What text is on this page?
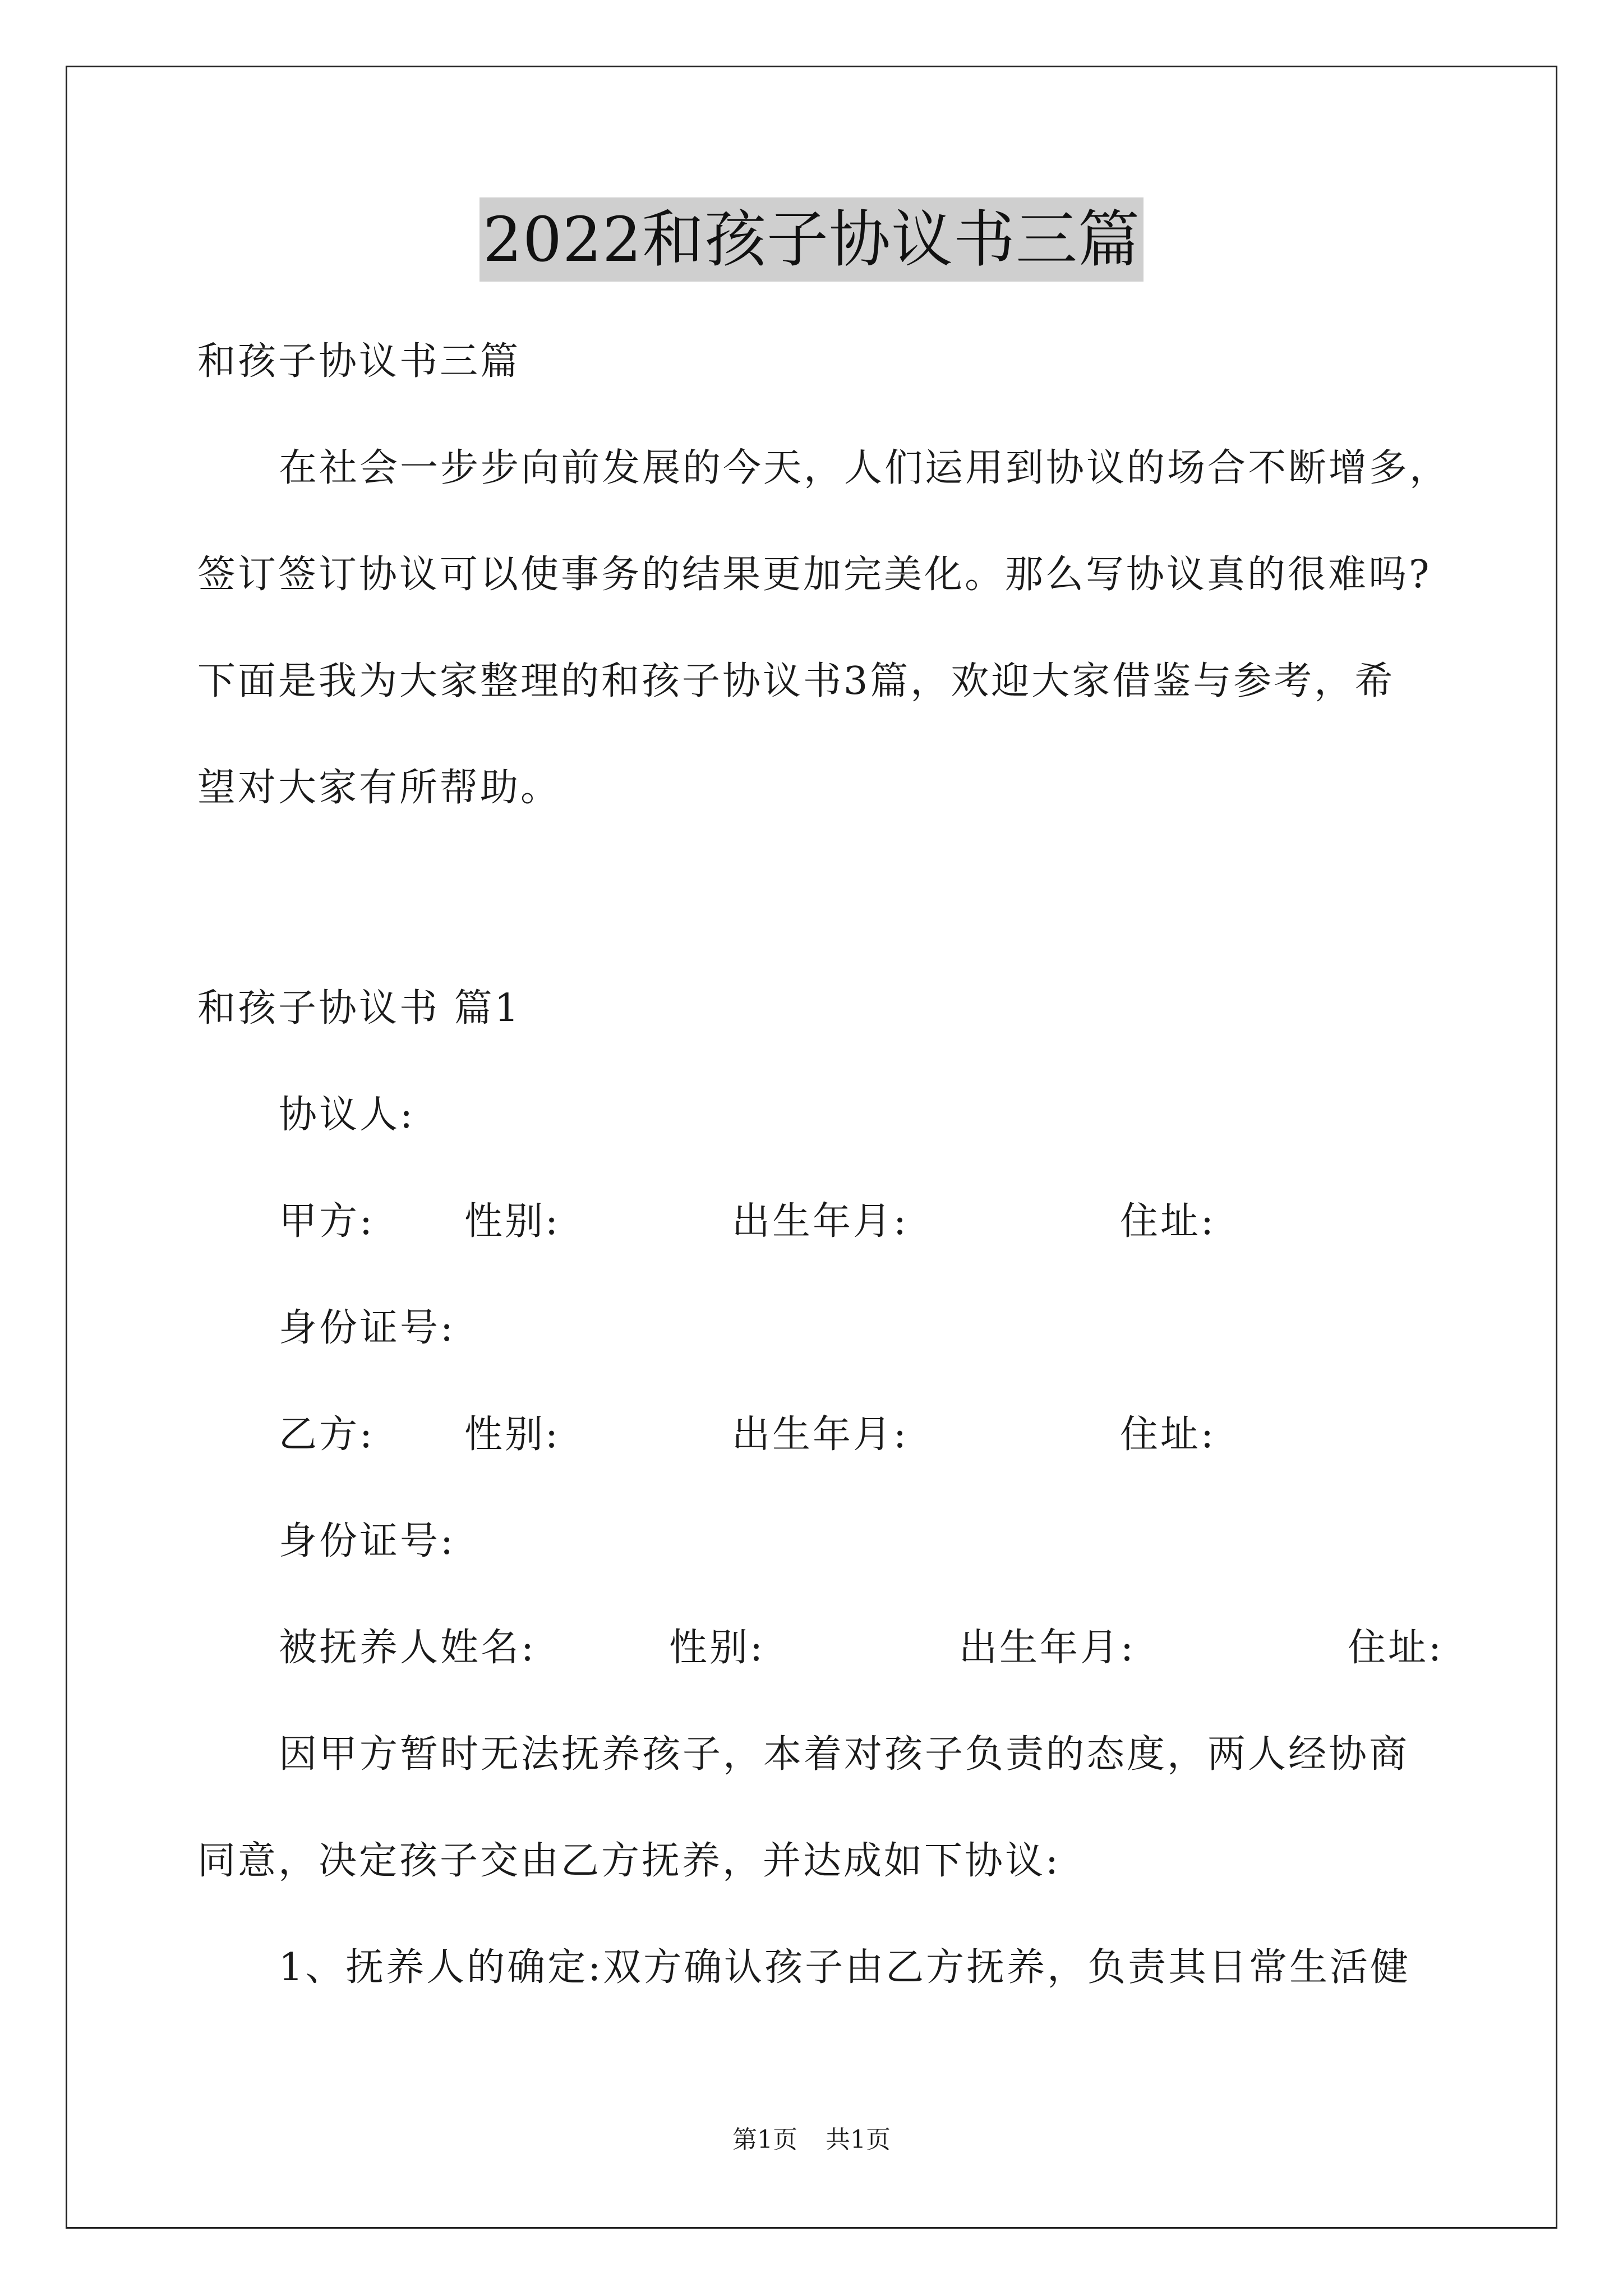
2022和孩子协议书三篇
和孩子协议书三篇
在社会一步步向前发展的今天，人们运用到协议的场合不断增多，
签订签订协议可以使事务的结果更加完美化。那么写协议真的很难吗?
下面是我为大家整理的和孩子协议书3篇，欢迎大家借鉴与参考，希
望对大家有所帮助。
和孩子协议书 篇1
协议人:
甲方: 性别:	出生年月:	住址:
身份证号:
乙方: 性别:	出生年月:	住址:
身份证号:
被抚养人姓名:	性别:	出生年月:	住址:
因甲方暂时无法抚养孩子，本着对孩子负责的态度，两人经协商
同意，决定孩子交由乙方抚养，并达成如下协议:
1、抚养人的确定:双方确认孩子由乙方抚养，负责其日常生活健
第1页 共1页
